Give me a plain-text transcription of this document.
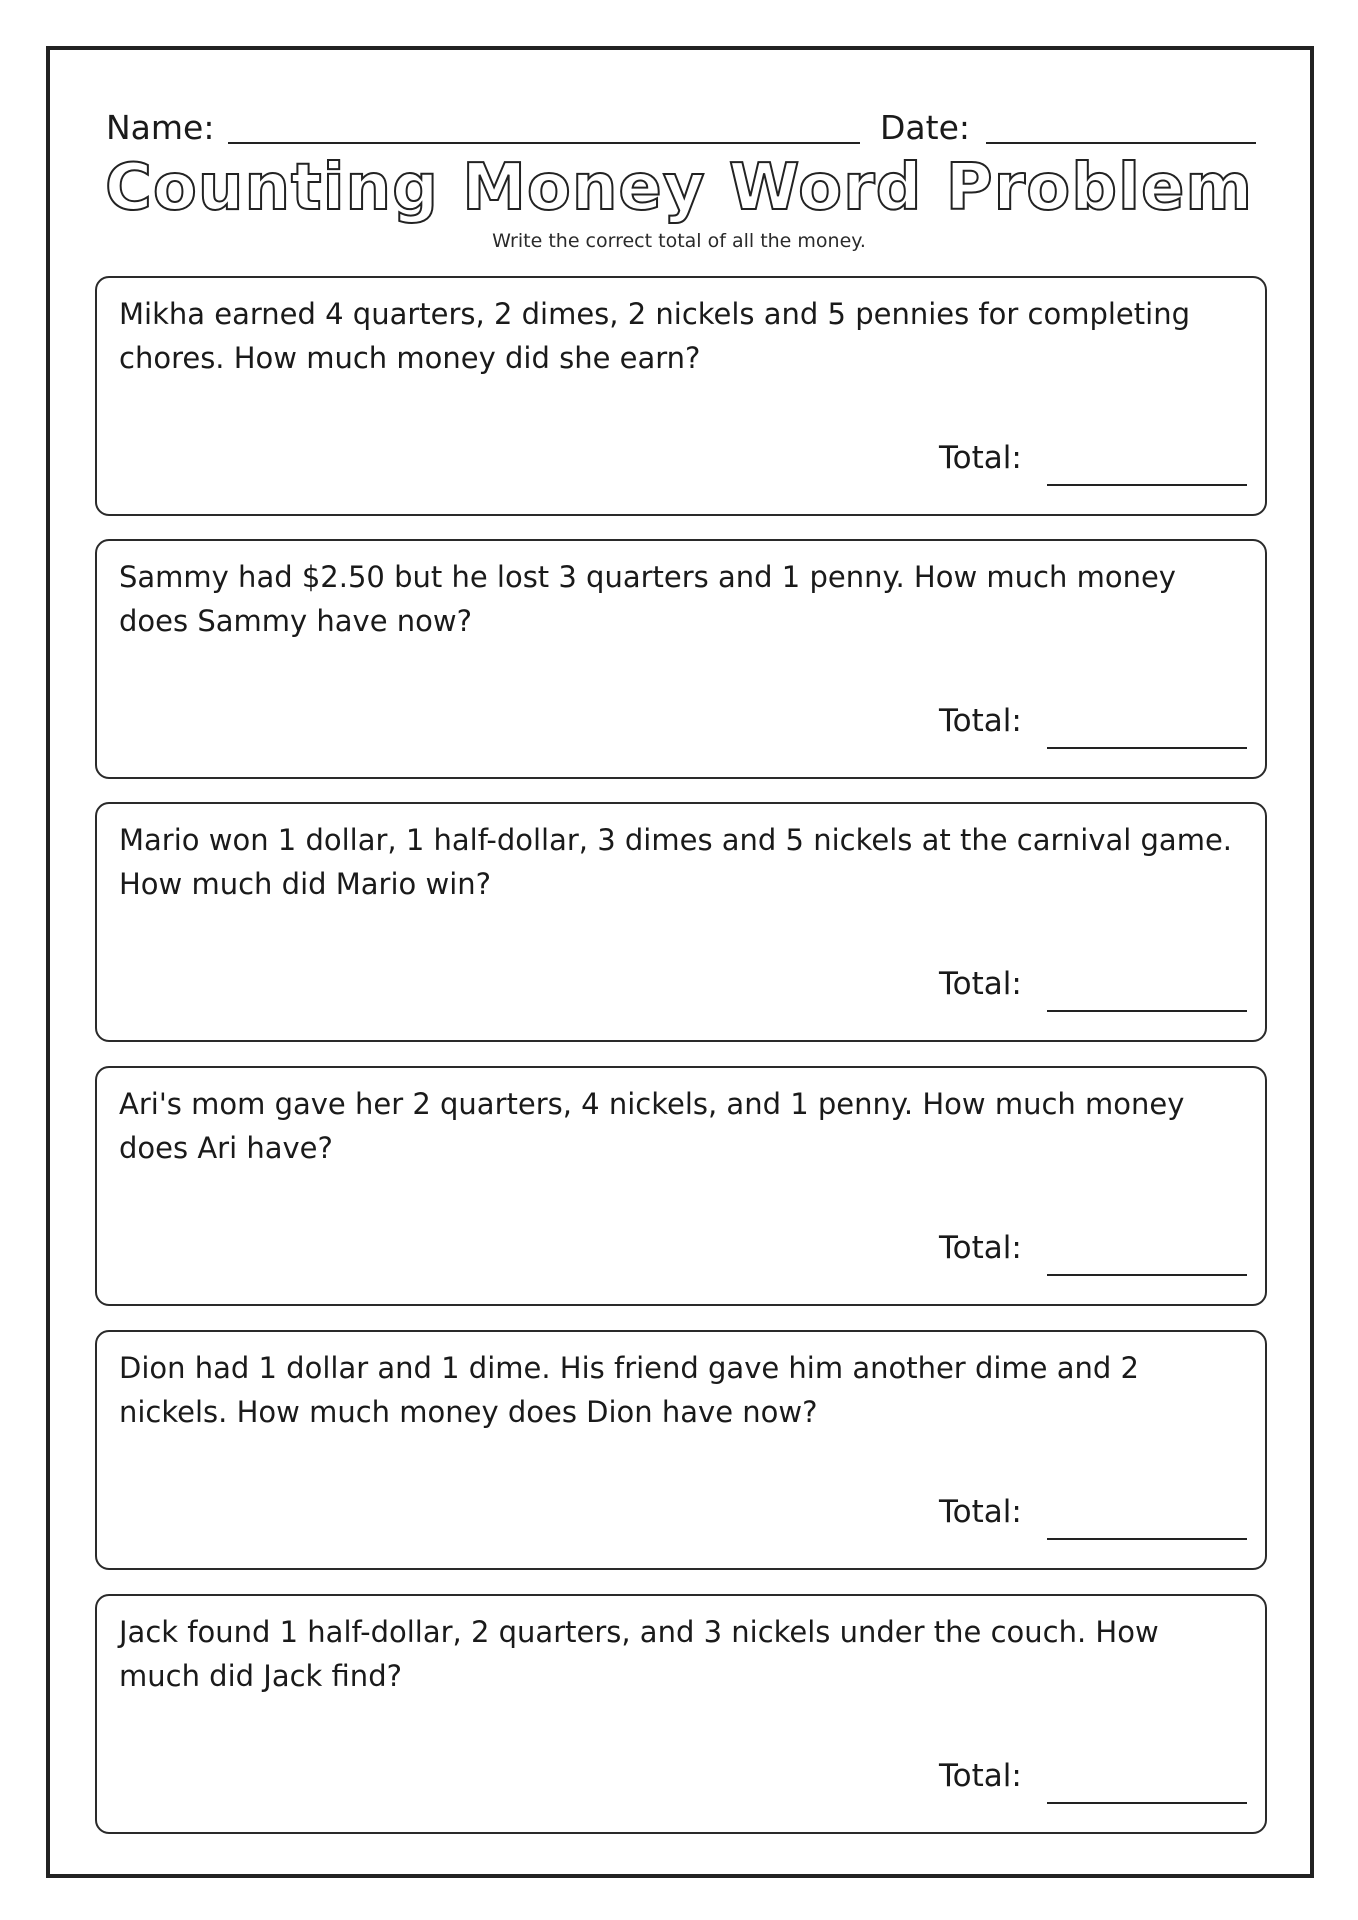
Name:	Date:
Counting Money Word Problem
Write the correct total of all the money.
Mikha earned 4 quarters, 2 dimes, 2 nickels and 5 pennies for completing chores. How much money did she earn?
Total:
Sammy had $2.50 but he lost 3 quarters and 1 penny. How much money does Sammy have now?
Total:
Mario won 1 dollar, 1 half-dollar, 3 dimes and 5 nickels at the carnival game. How much did Mario win?
Total:
Ari's mom gave her 2 quarters, 4 nickels, and 1 penny. How much money does Ari have?
Total:
Dion had 1 dollar and 1 dime. His friend gave him another dime and 2 nickels. How much money does Dion have now?
Total:
Jack found 1 half-dollar, 2 quarters, and 3 nickels under the couch. How much did Jack find?
Total:
